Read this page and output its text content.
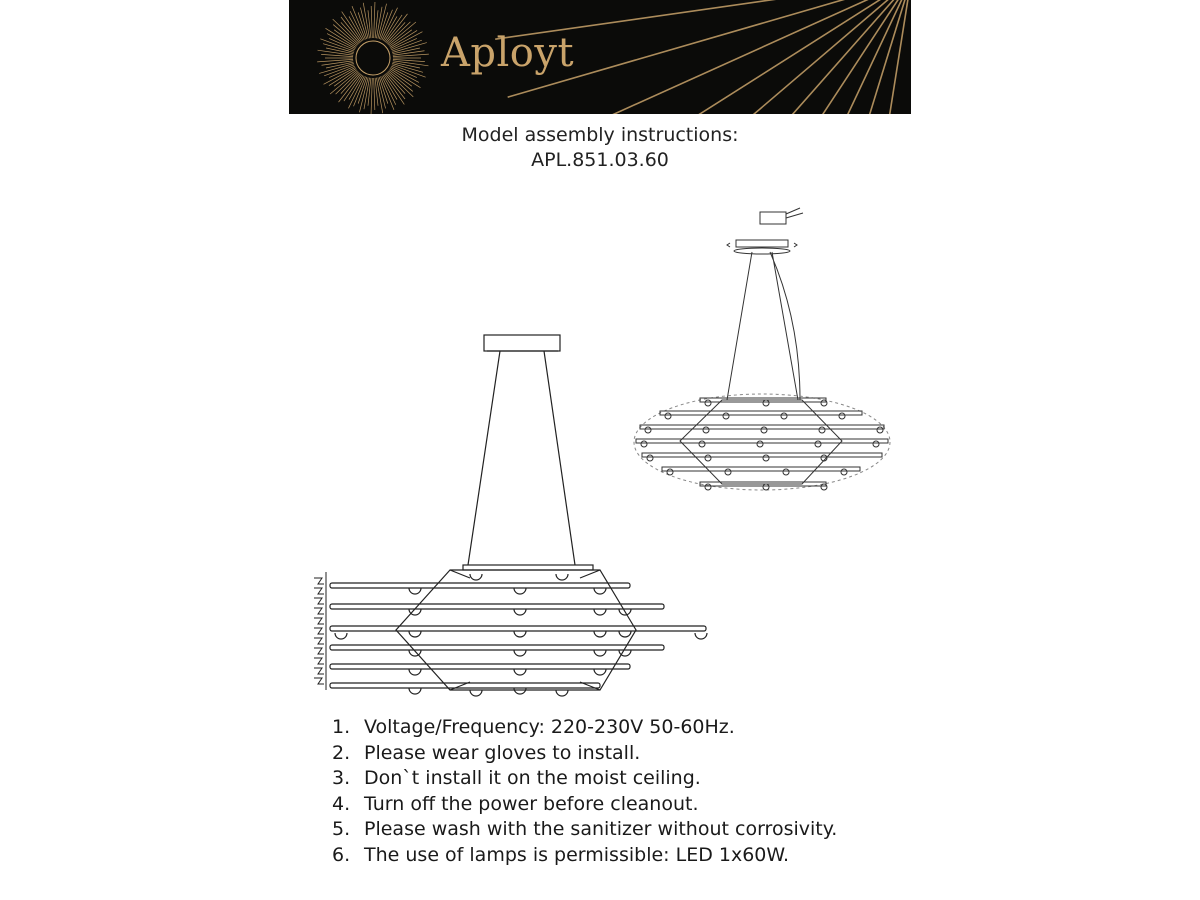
Aployt
Model assembly instructions:
APL.851.03.60
1. Voltage/Frequency: 220-230V 50-60Hz.
2. Please wear gloves to install.
3. Don`t install it on the moist ceiling.
4. Turn off the power before cleanout.
5. Please wash with the sanitizer without corrosivity.
6. The use of lamps is permissible: LED 1x60W.
